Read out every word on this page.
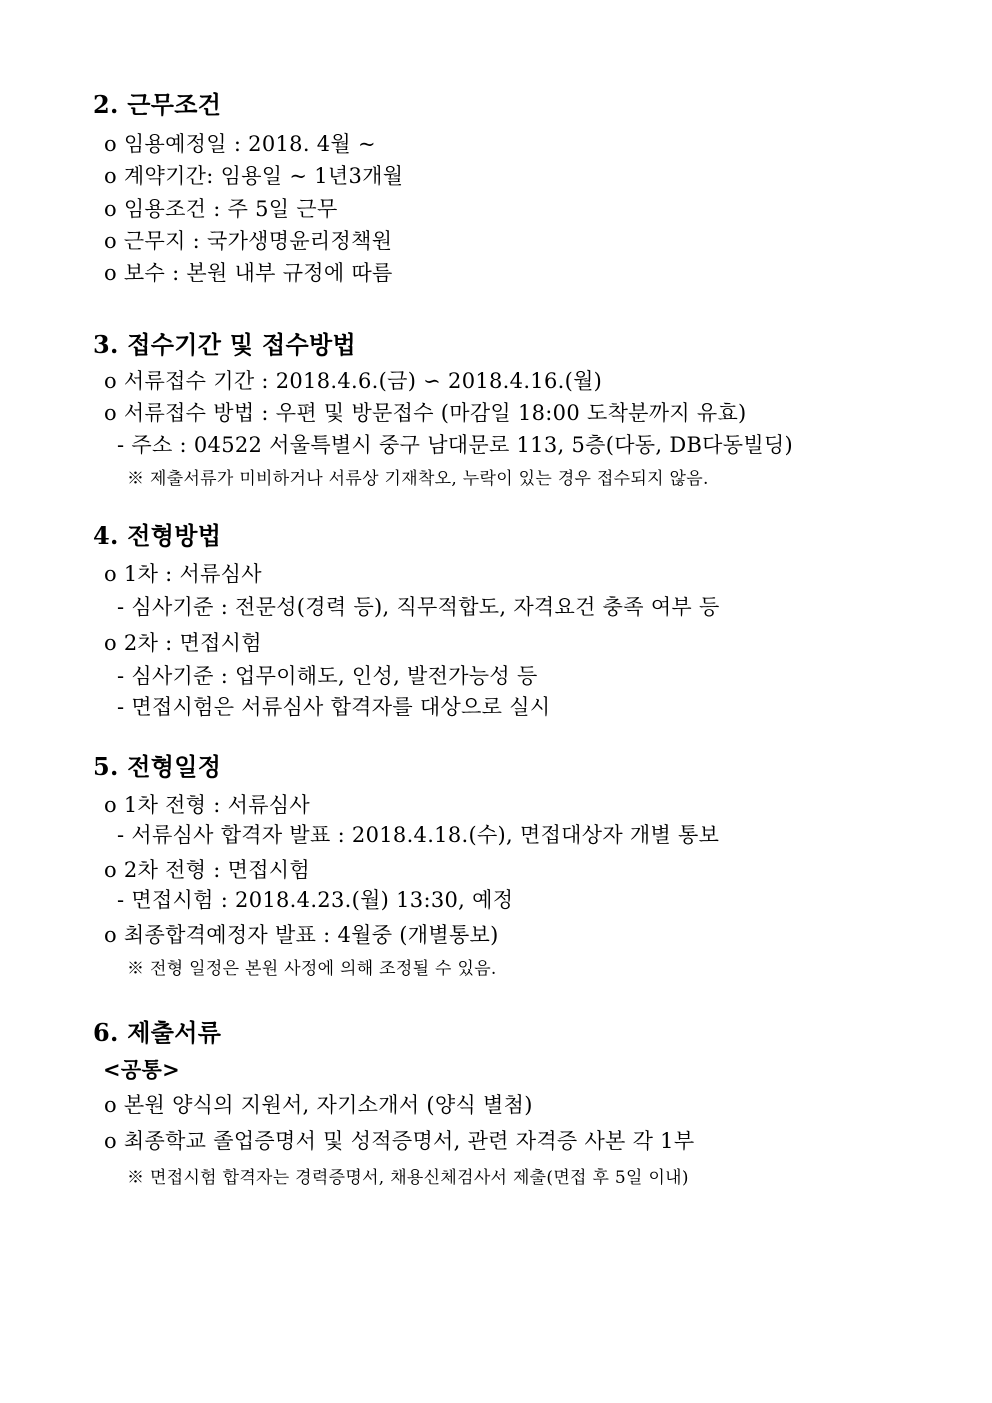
2. 근무조건
o 임용예정일 : 2018. 4월 ~
o 계약기간: 임용일 ~ 1년3개월
o 임용조건 : 주 5일 근무
o 근무지 : 국가생명윤리정책원
o 보수 : 본원 내부 규정에 따름
3. 접수기간 및 접수방법
o 서류접수 기간 : 2018.4.6.(금) ∽ 2018.4.16.(월)
o 서류접수 방법 : 우편 및 방문접수 (마감일 18:00 도착분까지 유효)
- 주소 : 04522 서울특별시 중구 남대문로 113, 5층(다동, DB다동빌딩)
※ 제출서류가 미비하거나 서류상 기재착오, 누락이 있는 경우 접수되지 않음.
4. 전형방법
o 1차 : 서류심사
- 심사기준 : 전문성(경력 등), 직무적합도, 자격요건 충족 여부 등
o 2차 : 면접시험
- 심사기준 : 업무이해도, 인성, 발전가능성 등
- 면접시험은 서류심사 합격자를 대상으로 실시
5. 전형일정
o 1차 전형 : 서류심사
- 서류심사 합격자 발표 : 2018.4.18.(수), 면접대상자 개별 통보
o 2차 전형 : 면접시험
- 면접시험 : 2018.4.23.(월) 13:30, 예정
o 최종합격예정자 발표 : 4월중 (개별통보)
※ 전형 일정은 본원 사정에 의해 조정될 수 있음.
6. 제출서류
<공통>
o 본원 양식의 지원서, 자기소개서 (양식 별첨)
o 최종학교 졸업증명서 및 성적증명서, 관련 자격증 사본 각 1부
※ 면접시험 합격자는 경력증명서, 채용신체검사서 제출(면접 후 5일 이내)
